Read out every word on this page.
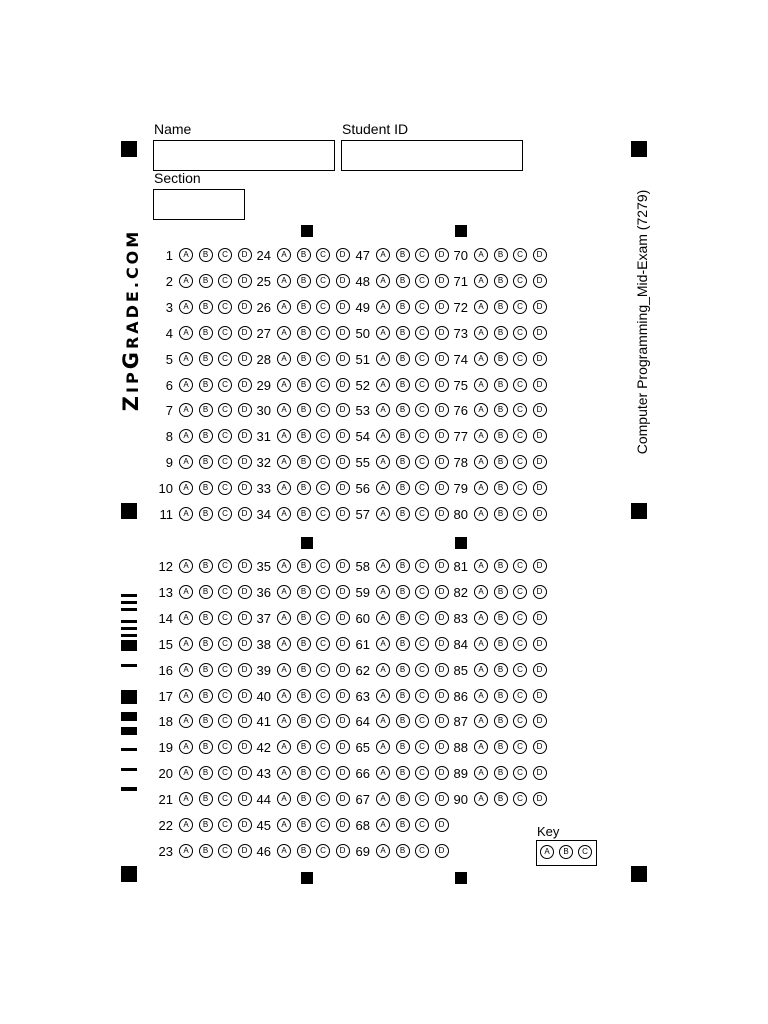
Name	Student ID
Section
ZIPGRADE.COM	Computer Programming_Mid-Exam (7279)
1	A	B	C	D
2	A	B	C	D
3	A	B	C	D
4	A	B	C	D
5	A	B	C	D
6	A	B	C	D
7	A	B	C	D
8	A	B	C	D
9	A	B	C	D
10	A	B	C	D
11	A	B	C	D
24	A	B	C	D
25	A	B	C	D
26	A	B	C	D
27	A	B	C	D
28	A	B	C	D
29	A	B	C	D
30	A	B	C	D
31	A	B	C	D
32	A	B	C	D
33	A	B	C	D
34	A	B	C	D
47	A	B	C	D
48	A	B	C	D
49	A	B	C	D
50	A	B	C	D
51	A	B	C	D
52	A	B	C	D
53	A	B	C	D
54	A	B	C	D
55	A	B	C	D
56	A	B	C	D
57	A	B	C	D
70	A	B	C	D
71	A	B	C	D
72	A	B	C	D
73	A	B	C	D
74	A	B	C	D
75	A	B	C	D
76	A	B	C	D
77	A	B	C	D
78	A	B	C	D
79	A	B	C	D
80	A	B	C	D
12	A	B	C	D
13	A	B	C	D
14	A	B	C	D
15	A	B	C	D
16	A	B	C	D
17	A	B	C	D
18	A	B	C	D
19	A	B	C	D
20	A	B	C	D
21	A	B	C	D
22	A	B	C	D
23	A	B	C	D
35	A	B	C	D
36	A	B	C	D
37	A	B	C	D
38	A	B	C	D
39	A	B	C	D
40	A	B	C	D
41	A	B	C	D
42	A	B	C	D
43	A	B	C	D
44	A	B	C	D
45	A	B	C	D
46	A	B	C	D
58	A	B	C	D
59	A	B	C	D
60	A	B	C	D
61	A	B	C	D
62	A	B	C	D
63	A	B	C	D
64	A	B	C	D
65	A	B	C	D
66	A	B	C	D
67	A	B	C	D
68	A	B	C	D
69	A	B	C	D
81	A	B	C	D
82	A	B	C	D
83	A	B	C	D
84	A	B	C	D
85	A	B	C	D
86	A	B	C	D
87	A	B	C	D
88	A	B	C	D
89	A	B	C	D
90	A	B	C	D
Key
A	B	C
